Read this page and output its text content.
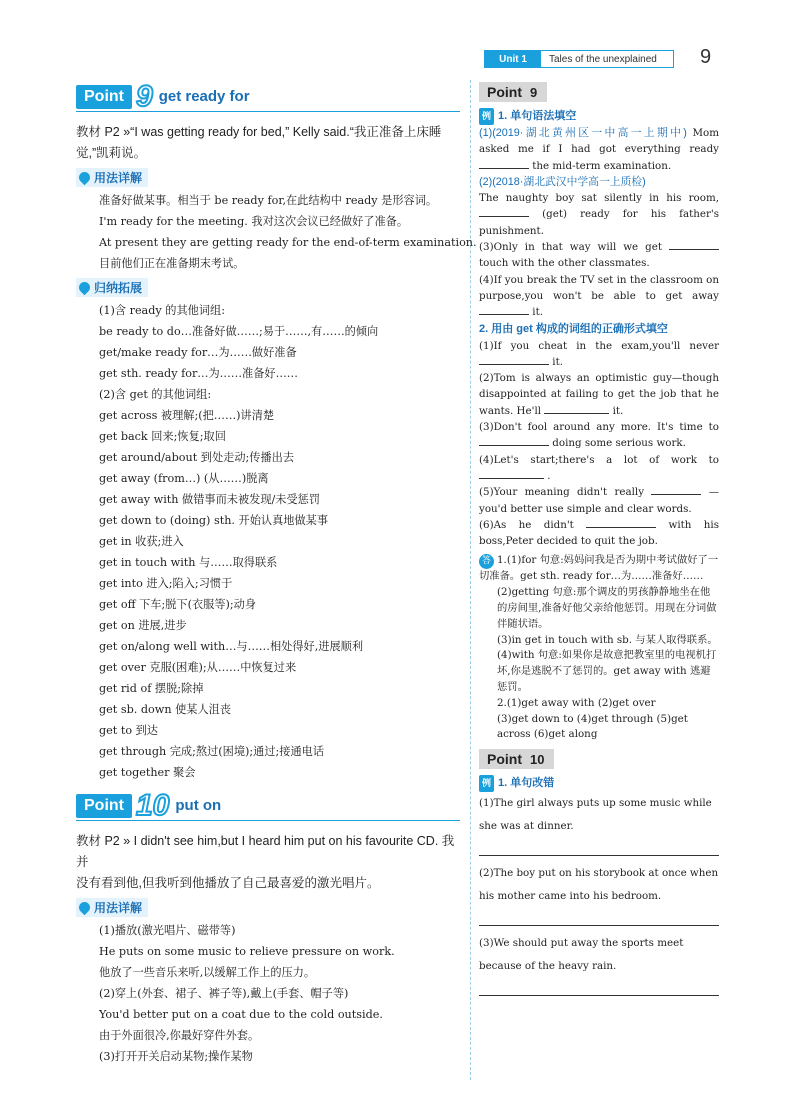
Unit 1	Tales of the unexplained	9
Point 9 get ready for
教材 P2 »“I was getting ready for bed,” Kelly said.“我正准备上床睡
觉,”凯莉说。
用法详解
准备好做某事。相当于 be ready for,在此结构中 ready 是形容词。
I'm ready for the meeting. 我对这次会议已经做好了准备。
At present they are getting ready for the end-of-term examination.
目前他们正在准备期末考试。
归纳拓展
(1)含 ready 的其他词组:
be ready to do…准备好做……;易于……,有……的倾向
get/make ready for…为……做好准备
get sth. ready for…为……准备好……
(2)含 get 的其他词组:
get across 被理解;(把……)讲清楚
get back 回来;恢复;取回
get around/about 到处走动;传播出去
get away (from…) (从……)脱离
get away with 做错事而未被发现/未受惩罚
get down to (doing) sth. 开始认真地做某事
get in 收获;进入
get in touch with 与……取得联系
get into 进入;陷入;习惯于
get off 下车;脱下(衣服等);动身
get on 进展,进步
get on/along well with…与……相处得好,进展顺利
get over 克服(困难);从……中恢复过来
get rid of 摆脱;除掉
get sb. down 使某人沮丧
get to 到达
get through 完成;熬过(困境);通过;接通电话
get together 聚会
Point 10 put on
教材 P2 » I didn't see him,but I heard him put on his favourite CD. 我并
没有看到他,但我听到他播放了自己最喜爱的激光唱片。
用法详解
(1)播放(激光唱片、磁带等)
He puts on some music to relieve pressure on work.
他放了一些音乐来听,以缓解工作上的压力。
(2)穿上(外套、裙子、裤子等),戴上(手套、帽子等)
You'd better put on a coat due to the cold outside.
由于外面很冷,你最好穿件外套。
(3)打开开关启动某物;操作某物
Point 9
例 1. 单句语法填空
(1)(2019·湖北黄州区一中高一上期中) Mom asked me if I had got everything ready  the mid-term examination.
(2)(2018·湖北武汉中学高一上质检)
The naughty boy sat silently in his room,  (get) ready for his father's punishment.
(3)Only in that way will we get  touch with the other classmates.
(4)If you break the TV set in the classroom on purpose,you won't be able to get away  it.
2. 用由 get 构成的词组的正确形式填空
(1)If you cheat in the exam,you'll never  it.
(2)Tom is always an optimistic guy—though disappointed at failing to get the job that he wants. He'll	it.
(3)Don't fool around any more. It's time to  doing some serious work.
(4)Let's start;there's a lot of work to  .
(5)Your meaning didn't really	—you'd better use simple and clear words.
(6)As he didn't	with his boss,Peter decided to quit the job.
答 1.(1)for 句意:妈妈问我是否为期中考试做好了一切准备。get sth. ready for…为……准备好……
(2)getting 句意:那个调皮的男孩静静地坐在他的房间里,准备好他父亲给他惩罚。用现在分词做伴随状语。
(3)in get in touch with sb. 与某人取得联系。 (4)with 句意:如果你是故意把教室里的电视机打坏,你是逃脱不了惩罚的。get away with 逃避惩罚。
2.(1)get away with (2)get over
(3)get down to (4)get through (5)get across (6)get along
Point 10
例 1. 单句改错
(1)The girl always puts up some music while she was at dinner.
(2)The boy put on his storybook at once when his mother came into his bedroom.
(3)We should put away the sports meet because of the heavy rain.
